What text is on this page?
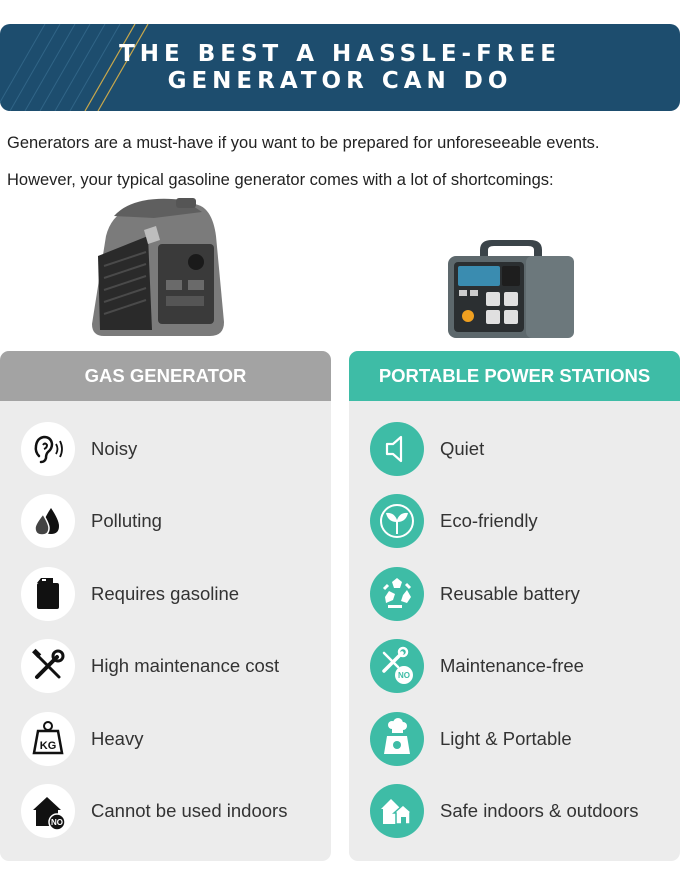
THE BEST A HASSLE-FREE
GENERATOR CAN DO
Generators are a must-have if you want to be prepared for unforeseeable events.
However, your typical gasoline generator comes with a lot of shortcomings:
GAS GENERATOR
Noisy
Polluting
Requires gasoline
High maintenance cost
KG Heavy
NO
Cannot be used indoors
PORTABLE POWER STATIONS
Quiet
Eco-friendly
Reusable battery
NO Maintenance-free
Light & Portable
Safe indoors & outdoors
